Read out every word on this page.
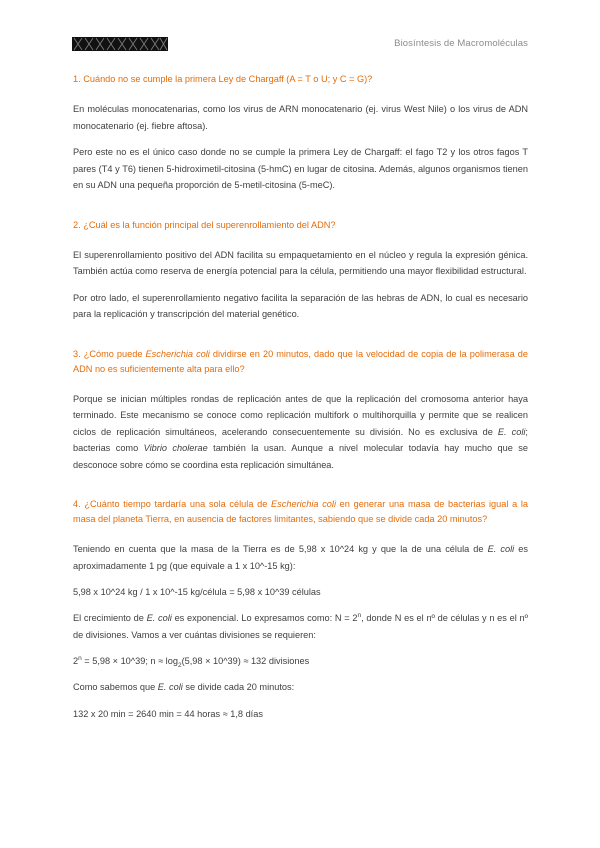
Biosíntesis de Macromoléculas
1. Cuándo no se cumple la primera Ley de Chargaff (A = T o U; y C = G)?
En moléculas monocatenarias, como los virus de ARN monocatenario (ej. virus West Nile) o los virus de ADN monocatenario (ej. fiebre aftosa).
Pero este no es el único caso donde no se cumple la primera Ley de Chargaff: el fago T2 y los otros fagos T pares (T4 y T6) tienen 5-hidroximetil-citosina (5-hmC) en lugar de citosina. Además, algunos organismos tienen en su ADN una pequeña proporción de 5-metil-citosina (5-meC).
2. ¿Cuál es la función principal del superenrollamiento del ADN?
El superenrollamiento positivo del ADN facilita su empaquetamiento en el núcleo y regula la expresión génica. También actúa como reserva de energía potencial para la célula, permitiendo una mayor flexibilidad estructural.
Por otro lado, el superenrollamiento negativo facilita la separación de las hebras de ADN, lo cual es necesario para la replicación y transcripción del material genético.
3. ¿Cómo puede Escherichia coli dividirse en 20 minutos, dado que la velocidad de copia de la polimerasa de ADN no es suficientemente alta para ello?
Porque se inician múltiples rondas de replicación antes de que la replicación del cromosoma anterior haya terminado. Este mecanismo se conoce como replicación multifork o multihorquilla y permite que se realicen ciclos de replicación simultáneos, acelerando consecuentemente su división. No es exclusiva de E. coli; bacterias como Vibrio cholerae también la usan. Aunque a nivel molecular todavía hay mucho que se desconoce sobre cómo se coordina esta replicación simultánea.
4. ¿Cuánto tiempo tardaría una sola célula de Escherichia coli en generar una masa de bacterias igual a la masa del planeta Tierra, en ausencia de factores limitantes, sabiendo que se divide cada 20 minutos?
Teniendo en cuenta que la masa de la Tierra es de 5,98 x 10^24 kg y que la de una célula de E. coli es aproximadamente 1 pg (que equivale a 1 x 10^-15 kg):
5,98 x 10^24 kg / 1 x 10^-15 kg/célula = 5,98 x 10^39 células
El crecimiento de E. coli es exponencial. Lo expresamos como: $N = 2^n$, donde N es el nº de células y n es el nº de divisiones. Vamos a ver cuántas divisiones se requieren:
$2^n = 5,98$ × 10^39; $n \approx \log_2(5,98$ × 10^39) ≈ 132 divisiones
Como sabemos que E. coli se divide cada 20 minutos:
132 x 20 min = 2640 min = 44 horas ≈ 1,8 días
